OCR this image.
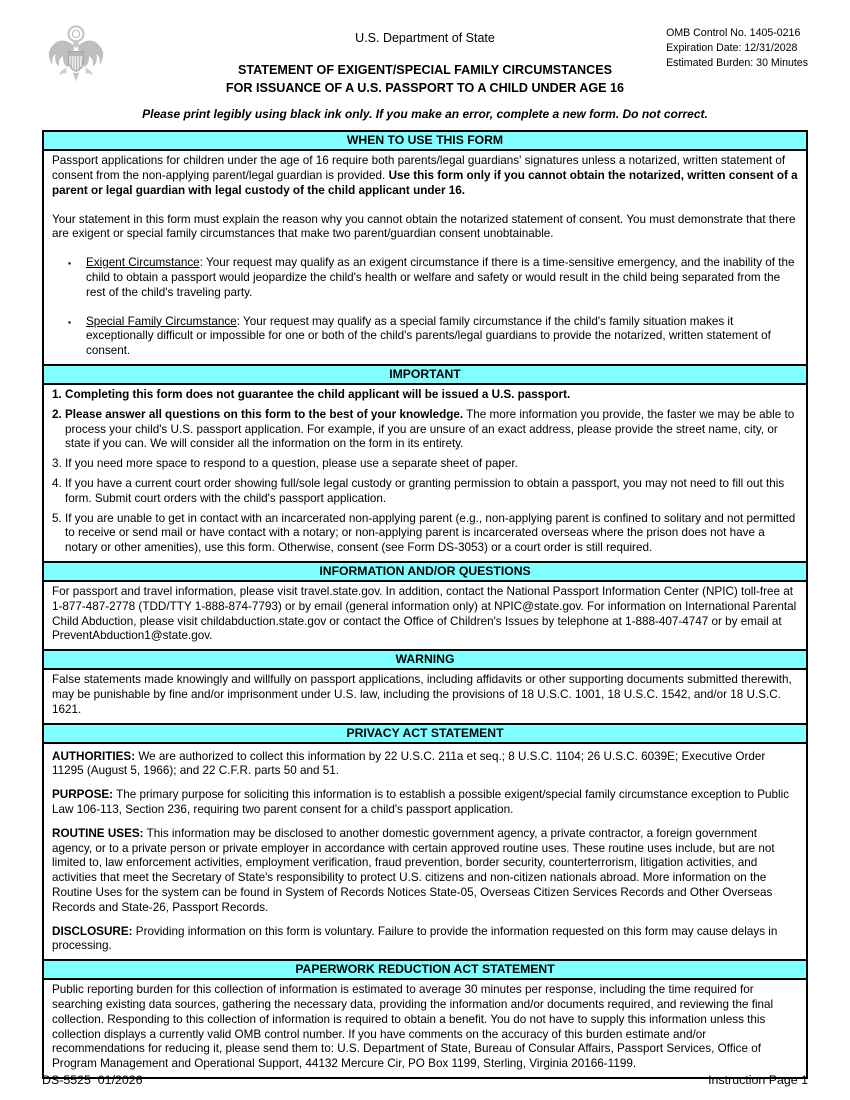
U.S. Department of State	OMB Control No. 1405-0216
Expiration Date: 12/31/2028
Estimated Burden: 30 Minutes
STATEMENT OF EXIGENT/SPECIAL FAMILY CIRCUMSTANCES
FOR ISSUANCE OF A U.S. PASSPORT TO A CHILD UNDER AGE 16
Please print legibly using black ink only. If you make an error, complete a new form. Do not correct.
WHEN TO USE THIS FORM

Passport applications for children under the age of 16 require both parents/legal guardians' signatures unless a notarized, written statement of consent from the non-applying parent/legal guardian is provided. Use this form only if you cannot obtain the notarized, written consent of a parent or legal guardian with legal custody of the child applicant under 16.

Your statement in this form must explain the reason why you cannot obtain the notarized statement of consent. You must demonstrate that there are exigent or special family circumstances that make two parent/guardian consent unobtainable.

▪	Exigent Circumstance: Your request may qualify as an exigent circumstance if there is a time-sensitive emergency, and the inability of the child to obtain a passport would jeopardize the child's health or welfare and safety or would result in the child being separated from the rest of the child's traveling party.
▪	Special Family Circumstance: Your request may qualify as a special family circumstance if the child's family situation makes it exceptionally difficult or impossible for one or both of the child's parents/legal guardians to provide the notarized, written statement of consent.
IMPORTANT
1. Completing this form does not guarantee the child applicant will be issued a U.S. passport.
2. Please answer all questions on this form to the best of your knowledge. The more information you provide, the faster we may be able to process your child's U.S. passport application. For example, if you are unsure of an exact address, please provide the street name, city, or state if you can. We will consider all the information on the form in its entirety.
3. If you need more space to respond to a question, please use a separate sheet of paper.
4. If you have a current court order showing full/sole legal custody or granting permission to obtain a passport, you may not need to fill out this form. Submit court orders with the child's passport application.
5. If you are unable to get in contact with an incarcerated non-applying parent (e.g., non-applying parent is confined to solitary and not permitted to receive or send mail or have contact with a notary; or non-applying parent is incarcerated overseas where the prison does not have a notary or other amenities), use this form. Otherwise, consent (see Form DS-3053) or a court order is still required.
INFORMATION AND/OR QUESTIONS

For passport and travel information, please visit travel.state.gov. In addition, contact the National Passport Information Center (NPIC) toll-free at 1-877-487-2778 (TDD/TTY 1-888-874-7793) or by email (general information only) at NPIC@state.gov. For information on International Parental Child Abduction, please visit childabduction.state.gov or contact the Office of Children's Issues by telephone at 1-888-407-4747 or by email at PreventAbduction1@state.gov.

WARNING

False statements made knowingly and willfully on passport applications, including affidavits or other supporting documents submitted therewith, may be punishable by fine and/or imprisonment under U.S. law, including the provisions of 18 U.S.C. 1001, 18 U.S.C. 1542, and/or 18 U.S.C. 1621.

PRIVACY ACT STATEMENT

AUTHORITIES: We are authorized to collect this information by 22 U.S.C. 211a et seq.; 8 U.S.C. 1104; 26 U.S.C. 6039E; Executive Order 11295 (August 5, 1966); and 22 C.F.R. parts 50 and 51.

PURPOSE: The primary purpose for soliciting this information is to establish a possible exigent/special family circumstance exception to Public Law 106-113, Section 236, requiring two parent consent for a child's passport application.

ROUTINE USES: This information may be disclosed to another domestic government agency, a private contractor, a foreign government agency, or to a private person or private employer in accordance with certain approved routine uses. These routine uses include, but are not limited to, law enforcement activities, employment verification, fraud prevention, border security, counterterrorism, litigation activities, and activities that meet the Secretary of State's responsibility to protect U.S. citizens and non-citizen nationals abroad. More information on the Routine Uses for the system can be found in System of Records Notices State-05, Overseas Citizen Services Records and Other Overseas Records and State-26, Passport Records.

DISCLOSURE: Providing information on this form is voluntary. Failure to provide the information requested on this form may cause delays in processing.

PAPERWORK REDUCTION ACT STATEMENT

Public reporting burden for this collection of information is estimated to average 30 minutes per response, including the time required for searching existing data sources, gathering the necessary data, providing the information and/or documents required, and reviewing the final collection. Responding to this collection of information is required to obtain a benefit. You do not have to supply this information unless this collection displays a currently valid OMB control number. If you have comments on the accuracy of this burden estimate and/or recommendations for reducing it, please send them to: U.S. Department of State, Bureau of Consular Affairs, Passport Services, Office of Program Management and Operational Support, 44132 Mercure Cir, PO Box 1199, Sterling, Virginia 20166-1199.

DS-5525  01/2026	Instruction Page 1
